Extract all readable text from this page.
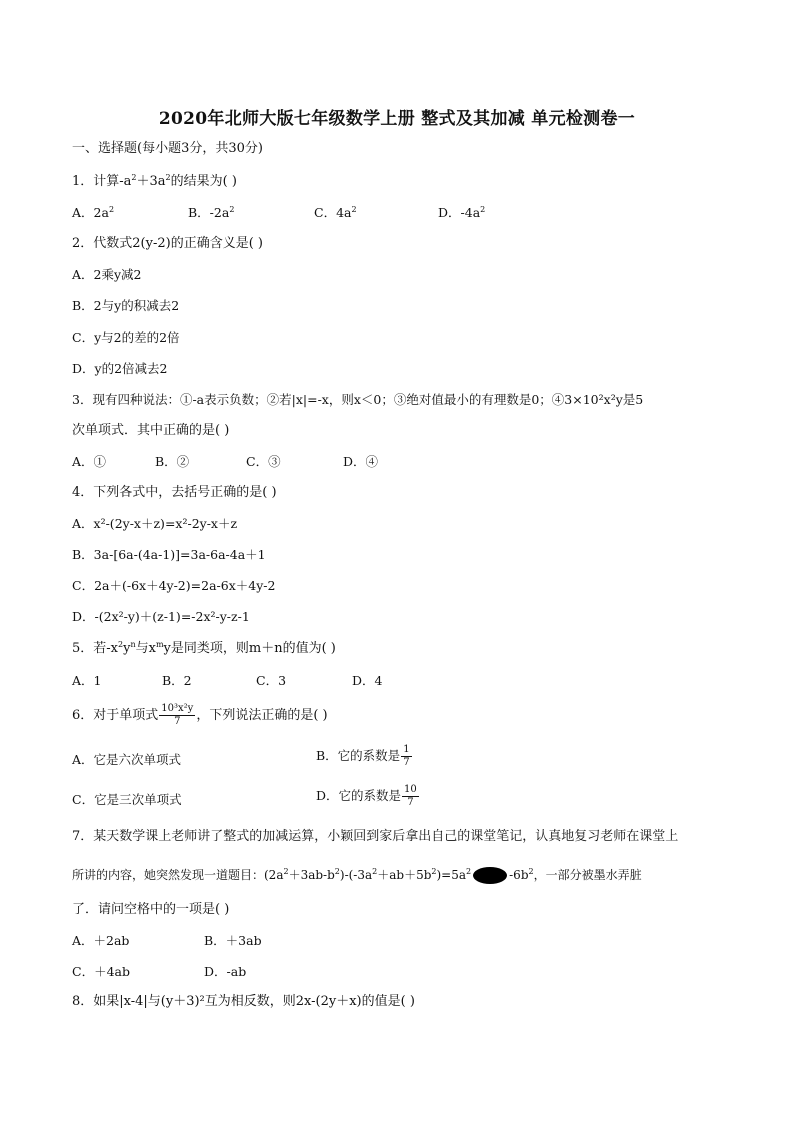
2020年北师大版七年级数学上册 整式及其加减 单元检测卷一
一、选择题(每小题3分，共30分)
1．计算$-a^2+3a^2$的结果为( )
A．$2a^2$	B．$-2a^2$	C．$4a^2$	D．$-4a^2$
2．代数式2(y-2)的正确含义是( )
A．2乘y减2
B．2与y的积减去2
C．y与2的差的2倍
D．y的2倍减去2
3．现有四种说法：①-a表示负数；②若|x|=-x，则x＜0；③绝对值最小的有理数是0；④3×10²x²y是5
次单项式．其中正确的是( )
A．①	B．②	C．③	D．④
4．下列各式中，去括号正确的是( )
A．x²-(2y-x＋z)=x²-2y-x＋z
B．3a-[6a-(4a-1)]=3a-6a-4a＋1
C．2a＋(-6x＋4y-2)=2a-6x＋4y-2
D．-(2x²-y)＋(z-1)=-2x²-y-z-1
5．若$-x^2y^n$与$x^my$是同类项，则m＋n的值为( )
A．1	B．2	C．3	D．4
6．对于单项式 $\frac{\text{10³x²y}}{7}$ ，下列说法正确的是( )
A．它是六次单项式	B．它的系数是 $\frac{1}{7}$
C．它是三次单项式	D．它的系数是 $\frac{10}{7}$
7．某天数学课上老师讲了整式的加减运算，小颖回到家后拿出自己的课堂笔记，认真地复习老师在课堂上
所讲的内容，她突然发现一道题目：$(2a^2+3ab-b^2)-(-3a^2+ab+5b^2)=5a^2$	$-6b^2$，一部分被墨水弄脏
了．请问空格中的一项是( )
A．＋2ab	B．＋3ab
C．＋4ab	D．-ab
8．如果|x-4|与(y＋3)²互为相反数，则2x-(2y＋x)的值是( )
